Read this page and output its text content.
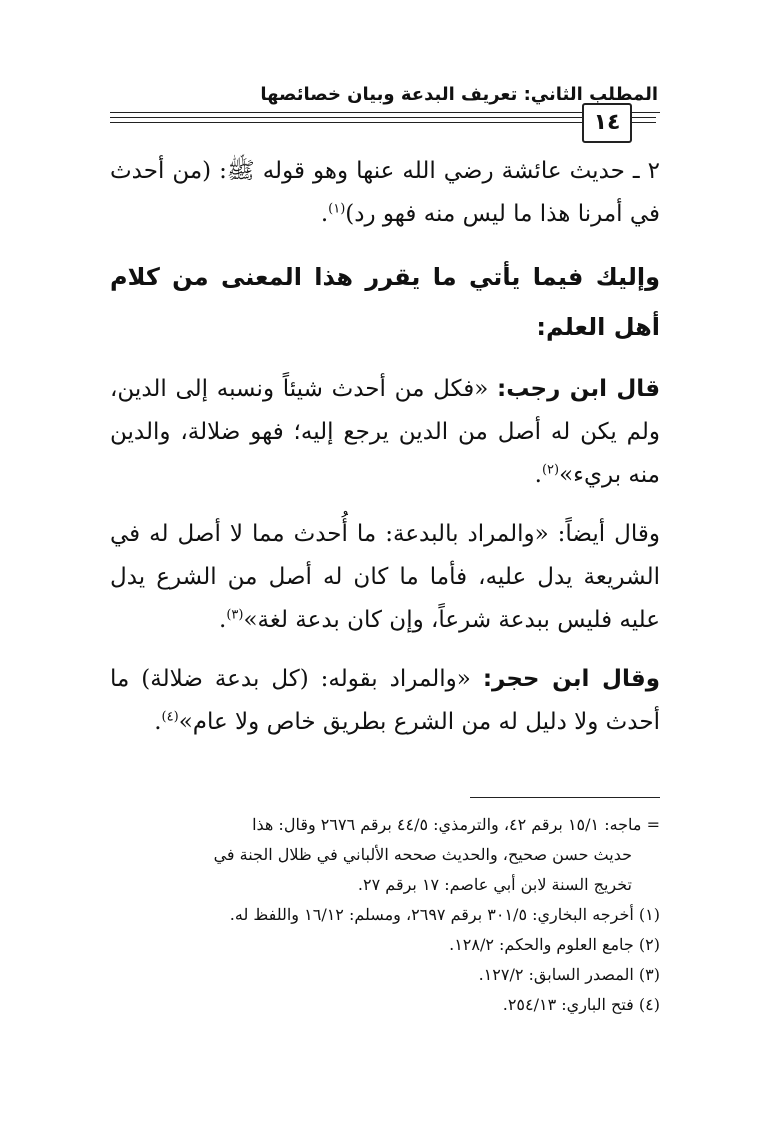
المطلب الثاني: تعريف البدعة وبيان خصائصها
١٤

٢ ـ حديث عائشة رضي الله عنها وهو قوله ﷺ: (من أحدث في أمرنا هذا ما ليس منه فهو رد)$^{(١)}$.

وإليك فيما يأتي ما يقرر هذا المعنى من كلام أهل العلم:

قال ابن رجب: «فكل من أحدث شيئاً ونسبه إلى الدين، ولم يكن له أصل من الدين يرجع إليه؛ فهو ضلالة، والدين منه بريء»$^{(٢)}$.

وقال أيضاً: «والمراد بالبدعة: ما أُحدث مما لا أصل له في الشريعة يدل عليه، فأما ما كان له أصل من الشرع يدل عليه فليس ببدعة شرعاً، وإن كان بدعة لغة»$^{(٣)}$.

وقال ابن حجر: «والمراد بقوله: (كل بدعة ضلالة) ما أحدث ولا دليل له من الشرع بطريق خاص ولا عام»$^{(٤)}$.

= ماجه: ١٥/١ برقم ٤٢، والترمذي: ٤٤/٥ برقم ٢٦٧٦ وقال: هذا
حديث حسن صحيح، والحديث صححه الألباني في ظلال الجنة في
تخريج السنة لابن أبي عاصم: ١٧ برقم ٢٧.
(١) أخرجه البخاري: ٣٠١/٥ برقم ٢٦٩٧، ومسلم: ١٦/١٢ واللفظ له.
(٢) جامع العلوم والحكم: ١٢٨/٢.
(٣) المصدر السابق: ١٢٧/٢.
(٤) فتح الباري: ٢٥٤/١٣.
